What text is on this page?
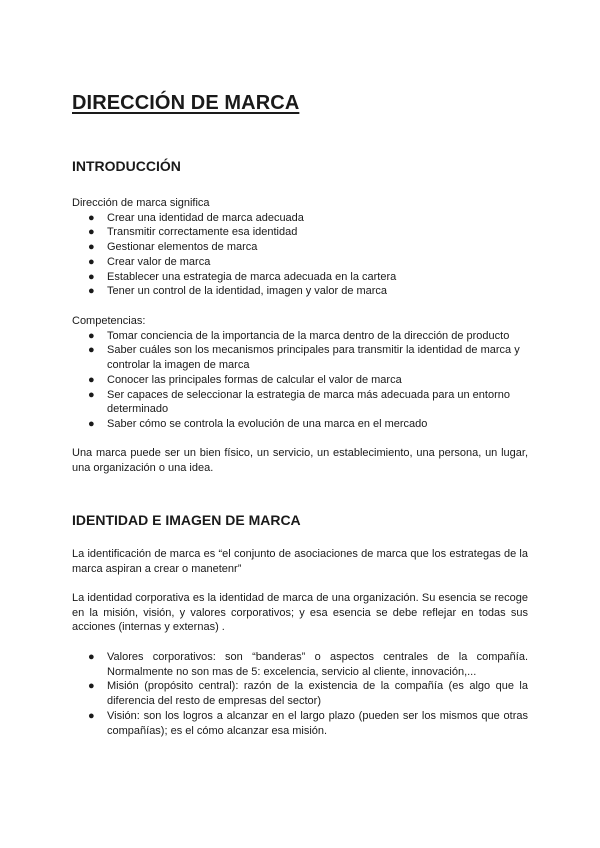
DIRECCIÓN DE MARCA
INTRODUCCIÓN

Dirección de marca significa

● Crear una identidad de marca adecuada
● Transmitir correctamente esa identidad
● Gestionar elementos de marca
● Crear valor de marca
● Establecer una estrategia de marca adecuada en la cartera
● Tener un control de la identidad, imagen y valor de marca

Competencias:

● Tomar conciencia de la importancia de la marca dentro de la dirección de producto
● Saber cuáles son los mecanismos principales para transmitir la identidad de marca y controlar la imagen de marca
● Conocer las principales formas de calcular el valor de marca
● Ser capaces de seleccionar la estrategia de marca más adecuada para un entorno determinado
● Saber cómo se controla la evolución de una marca en el mercado

Una marca puede ser un bien físico, un servicio, un establecimiento, una persona, un lugar, una organización o una idea.

IDENTIDAD E IMAGEN DE MARCA

La identificación de marca es “el conjunto de asociaciones de marca que los estrategas de la marca aspiran a crear o manetenr”

La identidad corporativa es la identidad de marca de una organización. Su esencia se recoge en la misión, visión, y valores corporativos; y esa esencia se debe reflejar en todas sus acciones (internas y externas) .

● Valores corporativos: son “banderas” o aspectos centrales de la compañía. Normalmente no son mas de 5: excelencia, servicio al cliente, innovación,...
● Misión (propósito central): razón de la existencia de la compañía (es algo que la diferencia del resto de empresas del sector)
● Visión: son los logros a alcanzar en el largo plazo (pueden ser los mismos que otras compañías); es el cómo alcanzar esa misión.
